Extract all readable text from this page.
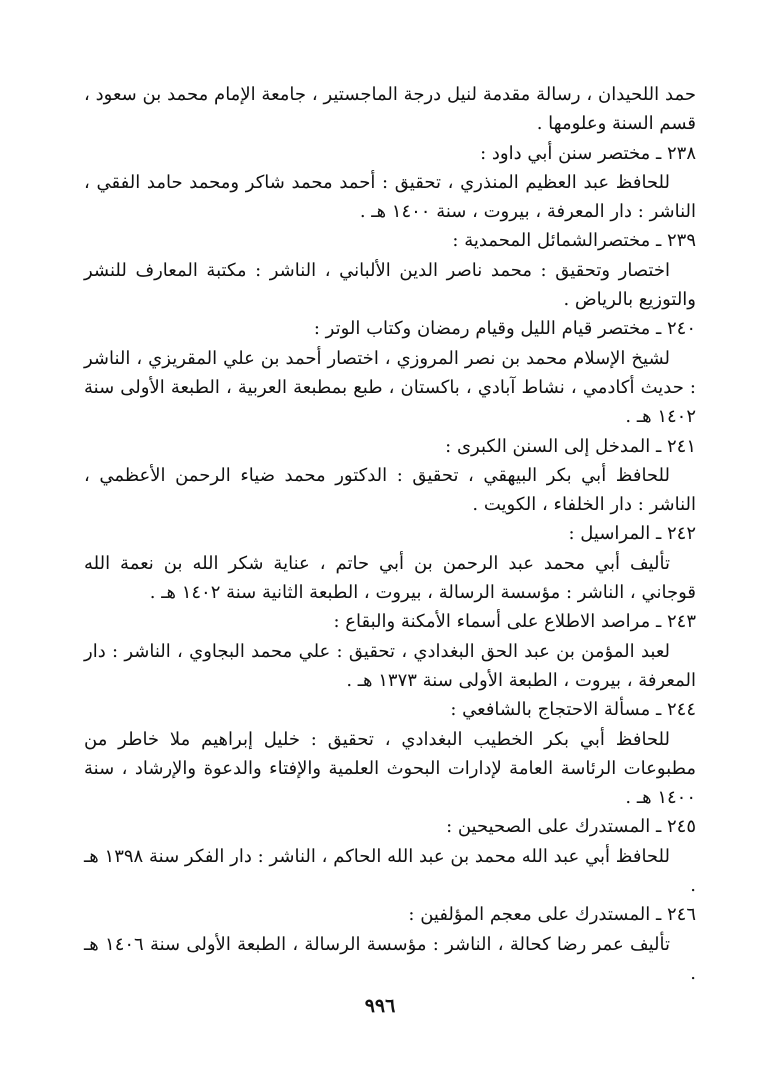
حمد اللحيدان ، رسالة مقدمة لنيل درجة الماجستير ، جامعة الإمام محمد بن سعود ، قسم السنة وعلومها .

٢٣٨ ـ مختصر سنن أبي داود :

للحافظ عبد العظيم المنذري ، تحقيق : أحمد محمد شاكر ومحمد حامد الفقي ، الناشر : دار المعرفة ، بيروت ، سنة ١٤٠٠ هـ .

٢٣٩ ـ مختصرالشمائل المحمدية :

اختصار وتحقيق : محمد ناصر الدين الألباني ، الناشر : مكتبة المعارف للنشر والتوزيع بالرياض .

٢٤٠ ـ مختصر قيام الليل وقيام رمضان وكتاب الوتر :

لشيخ الإسلام محمد بن نصر المروزي ، اختصار أحمد بن علي المقريزي ، الناشر : حديث أكادمي ، نشاط آبادي ، باكستان ، طبع بمطبعة العربية ، الطبعة الأولى سنة ١٤٠٢ هـ .

٢٤١ ـ المدخل إلى السنن الكبرى :

للحافظ أبي بكر البيهقي ، تحقيق : الدكتور محمد ضياء الرحمن الأعظمي ، الناشر : دار الخلفاء ، الكويت .

٢٤٢ ـ المراسيل :

تأليف أبي محمد عبد الرحمن بن أبي حاتم ، عناية شكر الله بن نعمة الله قوجاني ، الناشر : مؤسسة الرسالة ، بيروت ، الطبعة الثانية سنة ١٤٠٢ هـ .

٢٤٣ ـ مراصد الاطلاع على أسماء الأمكنة والبقاع :

لعبد المؤمن بن عبد الحق البغدادي ، تحقيق : علي محمد البجاوي ، الناشر : دار المعرفة ، بيروت ، الطبعة الأولى سنة ١٣٧٣ هـ .

٢٤٤ ـ مسألة الاحتجاج بالشافعي :

للحافظ أبي بكر الخطيب البغدادي ، تحقيق : خليل إبراهيم ملا خاطر من مطبوعات الرئاسة العامة لإدارات البحوث العلمية والإفتاء والدعوة والإرشاد ، سنة ١٤٠٠ هـ .

٢٤٥ ـ المستدرك على الصحيحين :

للحافظ أبي عبد الله محمد بن عبد الله الحاكم ، الناشر : دار الفكر سنة ١٣٩٨ هـ .

٢٤٦ ـ المستدرك على معجم المؤلفين :

تأليف عمر رضا كحالة ، الناشر : مؤسسة الرسالة ، الطبعة الأولى سنة ١٤٠٦ هـ .

٩٩٦
